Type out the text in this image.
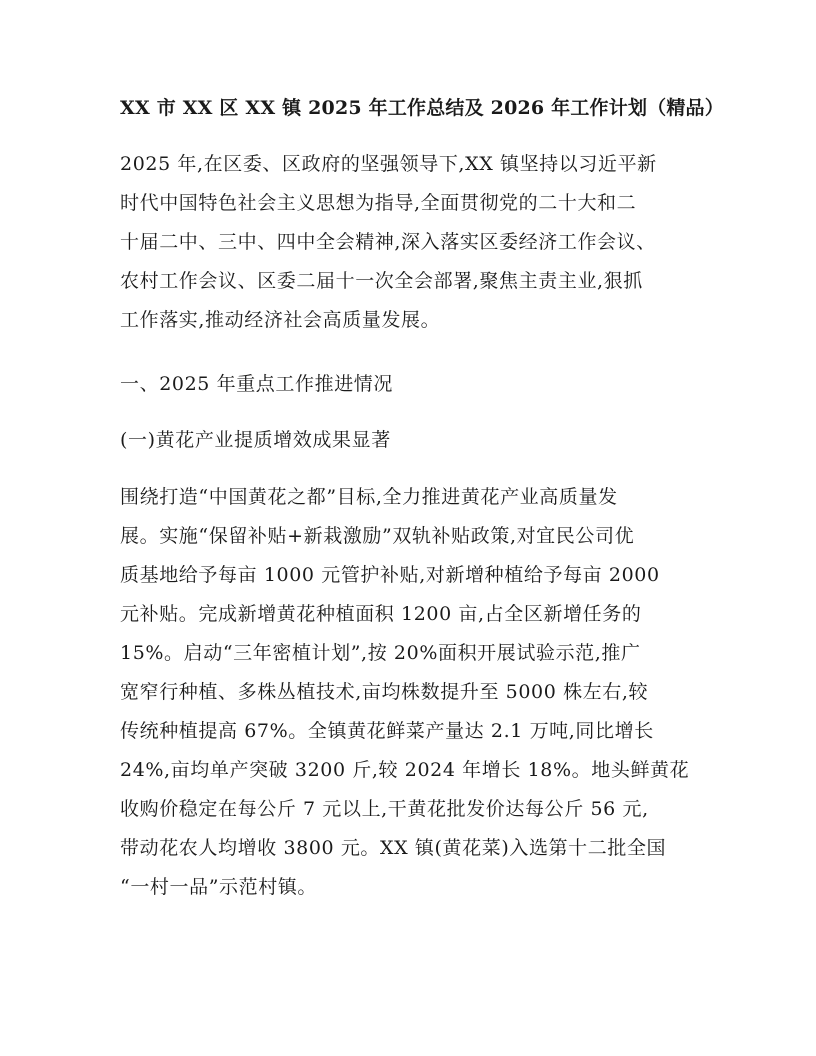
XX 市 XX 区 XX 镇 2025 年工作总结及 2026 年工作计划（精品）
2025 年,在区委、区政府的坚强领导下,XX 镇坚持以习近平新
时代中国特色社会主义思想为指导,全面贯彻党的二十大和二
十届二中、三中、四中全会精神,深入落实区委经济工作会议、
农村工作会议、区委二届十一次全会部署,聚焦主责主业,狠抓
工作落实,推动经济社会高质量发展。
一、2025 年重点工作推进情况
(一)黄花产业提质增效成果显著
围绕打造“中国黄花之都”目标,全力推进黄花产业高质量发
展。实施“保留补贴+新栽激励”双轨补贴政策,对宜民公司优
质基地给予每亩 1000 元管护补贴,对新增种植给予每亩 2000
元补贴。完成新增黄花种植面积 1200 亩,占全区新增任务的
15%。启动“三年密植计划”,按 20%面积开展试验示范,推广
宽窄行种植、多株丛植技术,亩均株数提升至 5000 株左右,较
传统种植提高 67%。全镇黄花鲜菜产量达 2.1 万吨,同比增长
24%,亩均单产突破 3200 斤,较 2024 年增长 18%。地头鲜黄花
收购价稳定在每公斤 7 元以上,干黄花批发价达每公斤 56 元,
带动花农人均增收 3800 元。XX 镇(黄花菜)入选第十二批全国
“一村一品”示范村镇。
